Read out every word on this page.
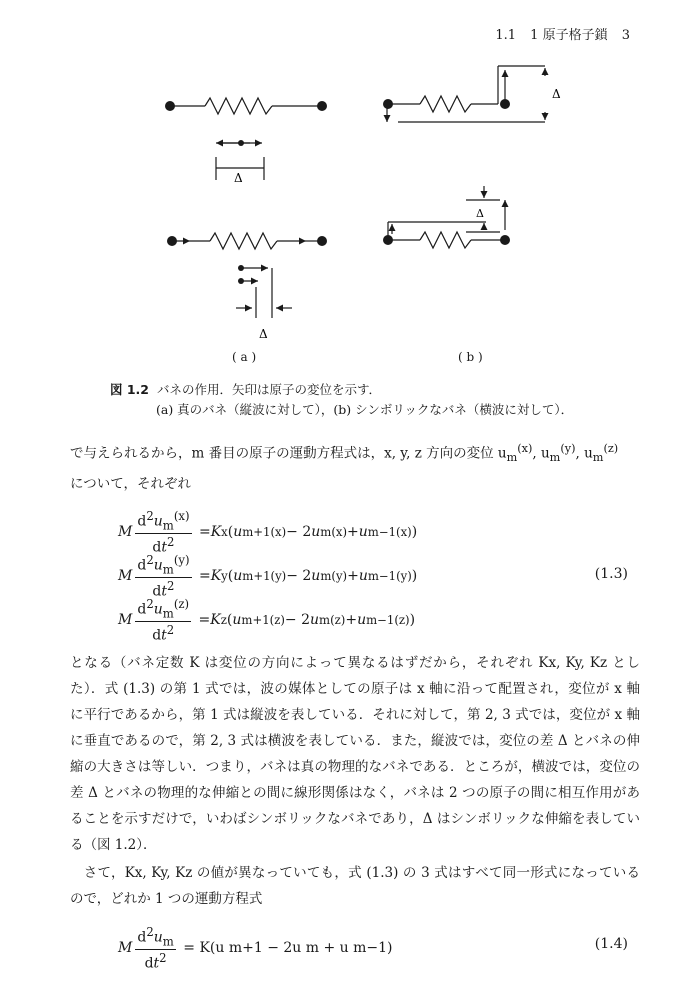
1.1 1 原子格子鎖 3
Δ
Δ
Δ
Δ
( a )	( b )
図 1.2 バネの作用．矢印は原子の変位を示す．
(a) 真のバネ（縦波に対して），(b) シンボリックなバネ（横波に対して）．
で与えられるから，m 番目の原子の運動方程式は，x, y, z 方向の変位 $u_m^{(x)}$, $u_m^{(y)}$, $u_m^{(z)}$
について，それぞれ
M $\frac{d^2u_m^{(x)}}{dt^2} = K$ x ( u m+1 (x) − 2 u m (x) + u m−1 (x) )
M $\frac{d^2u_m^{(y)}}{dt^2} = K$ y ( u m+1 (y) − 2 u m (y) + u m−1 (y) )
M $\frac{d^2u_m^{(z)}}{dt^2} = K$ z ( u m+1 (z) − 2 u m (z) + u m−1 (z) )
(1.3)
となる（バネ定数 K は変位の方向によって異なるはずだから，それぞれ Kx, Ky, Kz とした）．式 (1.3) の第 1 式では，波の媒体としての原子は x 軸に沿って配置され，変位が x 軸に平行であるから，第 1 式は縦波を表している．それに対して，第 2, 3 式では，変位が x 軸に垂直であるので，第 2, 3 式は横波を表している．また，縦波では，変位の差 Δ とバネの伸縮の大きさは等しい．つまり，バネは真の物理的なバネである．ところが，横波では，変位の差 Δ とバネの物理的な伸縮との間に線形関係はなく，バネは 2 つの原子の間に相互作用があることを示すだけで，いわばシンボリックなバネであり，Δ はシンボリックな伸縮を表している（図 1.2）．
　さて，Kx, Ky, Kz の値が異なっていても，式 (1.3) の 3 式はすべて同一形式になっているので，どれか 1 つの運動方程式
M $\frac{d^2u_m}{dt^2}$
= K(u m+1 − 2u m + u m−1)	(1.4)
